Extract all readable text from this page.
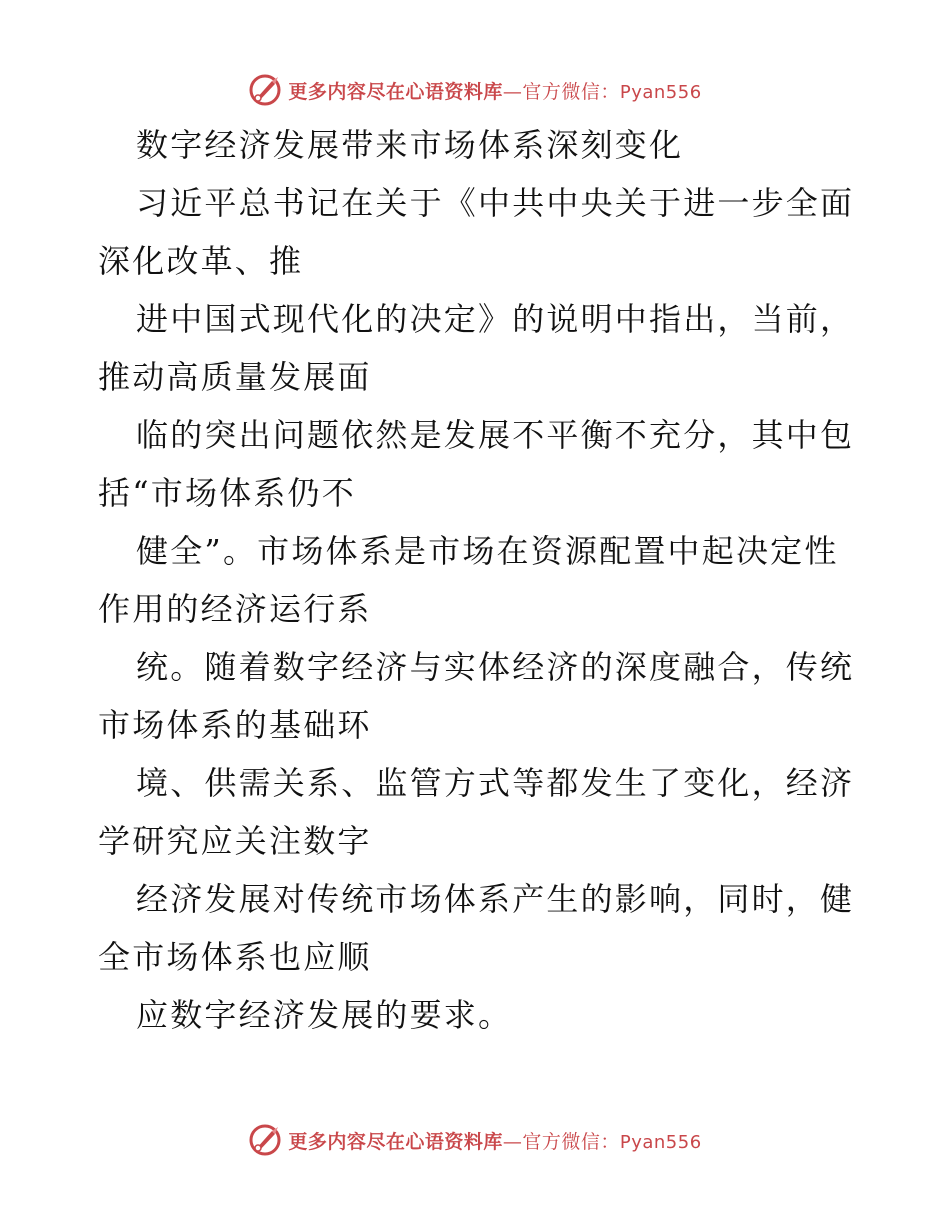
更多内容尽在心语资料库—官方微信：Pyan556
数字经济发展带来市场体系深刻变化
习近平总书记在关于《中共中央关于进一步全面
深化改革、推
进中国式现代化的决定》的说明中指出，当前，
推动高质量发展面
临的突出问题依然是发展不平衡不充分，其中包
括“市场体系仍不
健全”。市场体系是市场在资源配置中起决定性
作用的经济运行系
统。随着数字经济与实体经济的深度融合，传统
市场体系的基础环
境、供需关系、监管方式等都发生了变化，经济
学研究应关注数字
经济发展对传统市场体系产生的影响，同时，健
全市场体系也应顺
应数字经济发展的要求。
更多内容尽在心语资料库—官方微信：Pyan556
